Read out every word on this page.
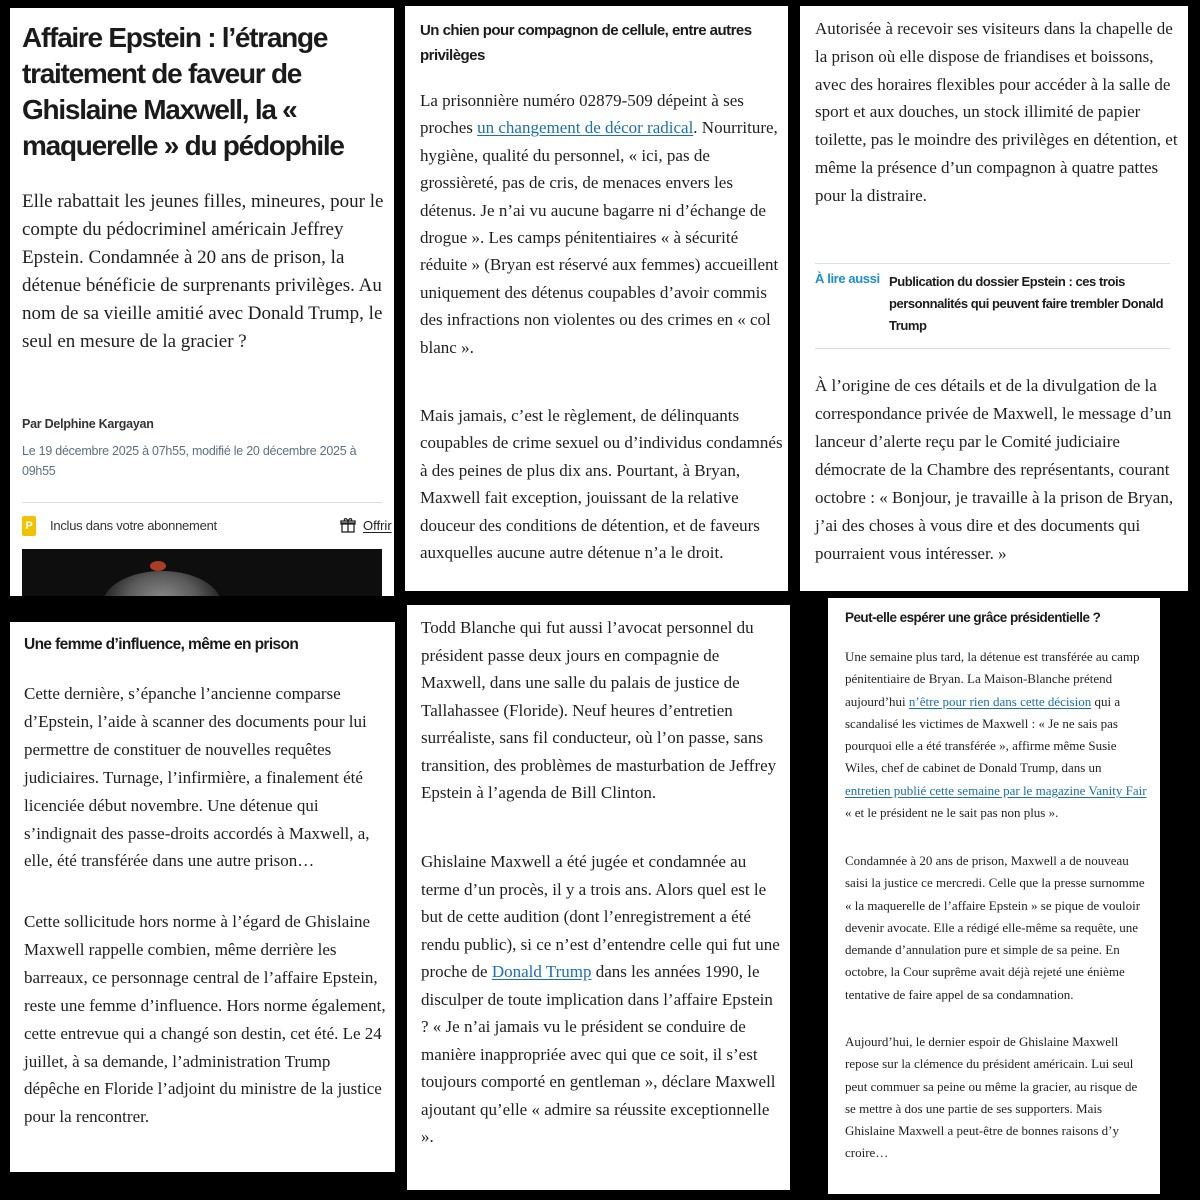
Affaire Epstein : l’étrange traitement de faveur de Ghislaine Maxwell, la « maquerelle » du pédophile

Elle rabattait les jeunes filles, mineures, pour le compte du pédocriminel américain Jeffrey Epstein. Condamnée à 20 ans de prison, la détenue bénéficie de surprenants privilèges. Au nom de sa vieille amitié avec Donald Trump, le seul en mesure de la gracier ?

Par Delphine Kargayan
Le 19 décembre 2025 à 07h55, modifié le 20 décembre 2025 à 09h55
P Inclus dans votre abonnement	Offrir
Un chien pour compagnon de cellule, entre autres privilèges

La prisonnière numéro 02879-509 dépeint à ses proches un changement de décor radical. Nourriture, hygiène, qualité du personnel, « ici, pas de grossièreté, pas de cris, de menaces envers les détenus. Je n’ai vu aucune bagarre ni d’échange de drogue ». Les camps pénitentiaires « à sécurité réduite » (Bryan est réservé aux femmes) accueillent uniquement des détenus coupables d’avoir commis des infractions non violentes ou des crimes en « col blanc ».

Mais jamais, c’est le règlement, de délinquants coupables de crime sexuel ou d’individus condamnés à des peines de plus dix ans. Pourtant, à Bryan, Maxwell fait exception, jouissant de la relative douceur des conditions de détention, et de faveurs auxquelles aucune autre détenue n’a le droit.

Autorisée à recevoir ses visiteurs dans la chapelle de la prison où elle dispose de friandises et boissons, avec des horaires flexibles pour accéder à la salle de sport et aux douches, un stock illimité de papier toilette, pas le moindre des privilèges en détention, et même la présence d’un compagnon à quatre pattes pour la distraire.

À lire aussi Publication du dossier Epstein : ces trois personnalités qui peuvent faire trembler Donald Trump

À l’origine de ces détails et de la divulgation de la correspondance privée de Maxwell, le message d’un lanceur d’alerte reçu par le Comité judiciaire démocrate de la Chambre des représentants, courant octobre : « Bonjour, je travaille à la prison de Bryan, j’ai des choses à vous dire et des documents qui pourraient vous intéresser. »

Une femme d’influence, même en prison

Cette dernière, s’épanche l’ancienne comparse d’Epstein, l’aide à scanner des documents pour lui permettre de constituer de nouvelles requêtes judiciaires. Turnage, l’infirmière, a finalement été licenciée début novembre. Une détenue qui s’indignait des passe-droits accordés à Maxwell, a, elle, été transférée dans une autre prison…

Cette sollicitude hors norme à l’égard de Ghislaine Maxwell rappelle combien, même derrière les barreaux, ce personnage central de l’affaire Epstein, reste une femme d’influence. Hors norme également, cette entrevue qui a changé son destin, cet été. Le 24 juillet, à sa demande, l’administration Trump dépêche en Floride l’adjoint du ministre de la justice pour la rencontrer.

Todd Blanche qui fut aussi l’avocat personnel du président passe deux jours en compagnie de Maxwell, dans une salle du palais de justice de Tallahassee (Floride). Neuf heures d’entretien surréaliste, sans fil conducteur, où l’on passe, sans transition, des problèmes de masturbation de Jeffrey Epstein à l’agenda de Bill Clinton.

Ghislaine Maxwell a été jugée et condamnée au terme d’un procès, il y a trois ans. Alors quel est le but de cette audition (dont l’enregistrement a été rendu public), si ce n’est d’entendre celle qui fut une proche de Donald Trump dans les années 1990, le disculper de toute implication dans l’affaire Epstein ? « Je n’ai jamais vu le président se conduire de manière inappropriée avec qui que ce soit, il s’est toujours comporté en gentleman », déclare Maxwell ajoutant qu’elle « admire sa réussite exceptionnelle ».

Peut-elle espérer une grâce présidentielle ?

Une semaine plus tard, la détenue est transférée au camp pénitentiaire de Bryan. La Maison-Blanche prétend aujourd’hui n’être pour rien dans cette décision qui a scandalisé les victimes de Maxwell : « Je ne sais pas pourquoi elle a été transférée », affirme même Susie Wiles, chef de cabinet de Donald Trump, dans un entretien publié cette semaine par le magazine Vanity Fair « et le président ne le sait pas non plus ».

Condamnée à 20 ans de prison, Maxwell a de nouveau saisi la justice ce mercredi. Celle que la presse surnomme « la maquerelle de l’affaire Epstein » se pique de vouloir devenir avocate. Elle a rédigé elle-même sa requête, une demande d’annulation pure et simple de sa peine. En octobre, la Cour suprême avait déjà rejeté une énième tentative de faire appel de sa condamnation.

Aujourd’hui, le dernier espoir de Ghislaine Maxwell repose sur la clémence du président américain. Lui seul peut commuer sa peine ou même la gracier, au risque de se mettre à dos une partie de ses supporters. Mais Ghislaine Maxwell a peut-être de bonnes raisons d’y croire…
